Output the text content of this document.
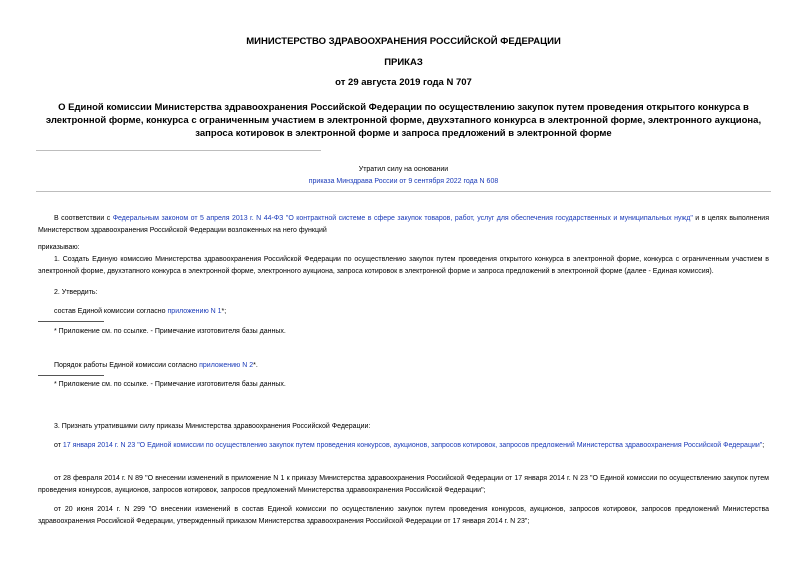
МИНИСТЕРСТВО ЗДРАВООХРАНЕНИЯ РОССИЙСКОЙ ФЕДЕРАЦИИ
ПРИКАЗ
от 29 августа 2019 года N 707
О Единой комиссии Министерства здравоохранения Российской Федерации по осуществлению закупок путем проведения открытого конкурса в электронной форме, конкурса с ограниченным участием в электронной форме, двухэтапного конкурса в электронной форме, электронного аукциона, запроса котировок в электронной форме и запроса предложений в электронной форме
Утратил силу на основании
приказа Минздрава России от 9 сентября 2022 года N 608
В соответствии с Федеральным законом от 5 апреля 2013 г. N 44-ФЗ "О контрактной системе в сфере закупок товаров, работ, услуг для обеспечения государственных и муниципальных нужд" и в целях выполнения Министерством здравоохранения Российской Федерации возложенных на него функций
приказываю:
1. Создать Единую комиссию Министерства здравоохранения Российской Федерации по осуществлению закупок путем проведения открытого конкурса в электронной форме, конкурса с ограниченным участием в электронной форме, двухэтапного конкурса в электронной форме, электронного аукциона, запроса котировок в электронной форме и запроса предложений в электронной форме (далее - Единая комиссия).
2. Утвердить:
состав Единой комиссии согласно приложению N 1*;
* Приложение см. по ссылке. - Примечание изготовителя базы данных.
Порядок работы Единой комиссии согласно приложению N 2*.
* Приложение см. по ссылке. - Примечание изготовителя базы данных.
3. Признать утратившими силу приказы Министерства здравоохранения Российской Федерации:
от 17 января 2014 г. N 23 "О Единой комиссии по осуществлению закупок путем проведения конкурсов, аукционов, запросов котировок, запросов предложений Министерства здравоохранения Российской Федерации";
от 28 февраля 2014 г. N 89 "О внесении изменений в приложение N 1 к приказу Министерства здравоохранения Российской Федерации от 17 января 2014 г. N 23 "О Единой комиссии по осуществлению закупок путем проведения конкурсов, аукционов, запросов котировок, запросов предложений Министерства здравоохранения Российской Федерации";
от 20 июня 2014 г. N 299 "О внесении изменений в состав Единой комиссии по осуществлению закупок путем проведения конкурсов, аукционов, запросов котировок, запросов предложений Министерства здравоохранения Российской Федерации, утвержденный приказом Министерства здравоохранения Российской Федерации от 17 января 2014 г. N 23";
